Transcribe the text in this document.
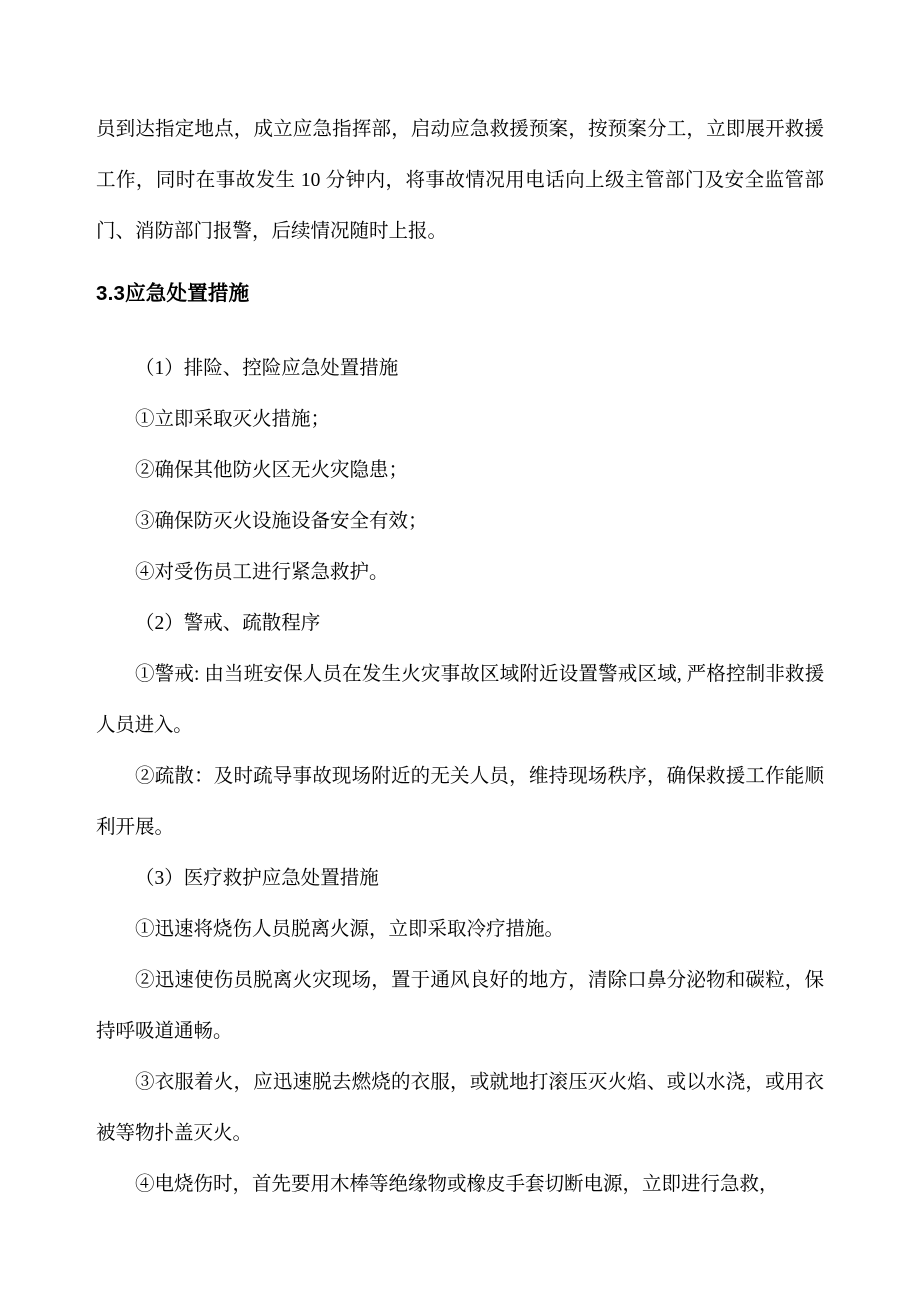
员到达指定地点，成立应急指挥部，启动应急救援预案，按预案分工，立即展开救援工作，同时在事故发生 10 分钟内，将事故情况用电话向上级主管部门及安全监管部门、消防部门报警，后续情况随时上报。

3.3应急处置措施

（1）排险、控险应急处置措施

①立即采取灭火措施；

②确保其他防火区无火灾隐患；

③确保防灭火设施设备安全有效；

④对受伤员工进行紧急救护。

（2）警戒、疏散程序

①警戒: 由当班安保人员在发生火灾事故区域附近设置警戒区域, 严格控制非救援人员进入。

②疏散：及时疏导事故现场附近的无关人员，维持现场秩序，确保救援工作能顺利开展。

（3）医疗救护应急处置措施

①迅速将烧伤人员脱离火源，立即采取冷疗措施。

②迅速使伤员脱离火灾现场，置于通风良好的地方，清除口鼻分泌物和碳粒，保持呼吸道通畅。

③衣服着火，应迅速脱去燃烧的衣服，或就地打滚压灭火焰、或以水浇，或用衣被等物扑盖灭火。

④电烧伤时，首先要用木棒等绝缘物或橡皮手套切断电源，立即进行急救，
